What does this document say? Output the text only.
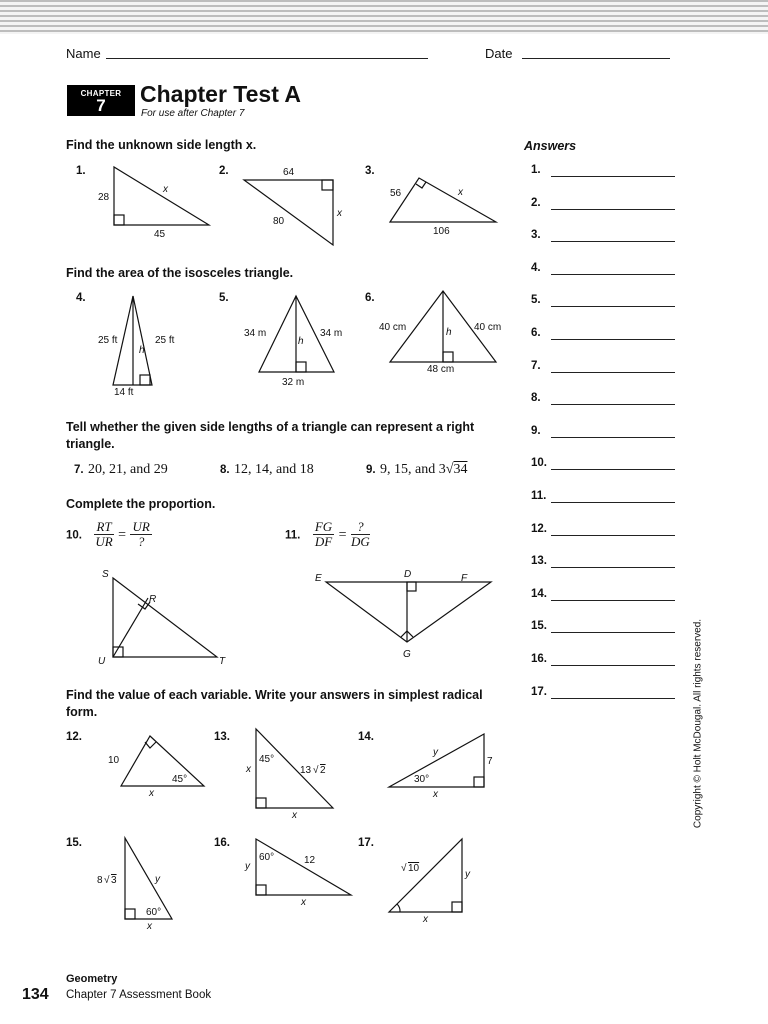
Name	Date
CHAPTER
7	Chapter Test A
For use after Chapter 7
Find the unknown side length x.
Find the area of the isosceles triangle.
Tell whether the given side lengths of a triangle can represent a right triangle.
Complete the proportion.
Find the value of each variable. Write your answers in simplest radical form.
1.	2.	3.
4.	5.	6.
7. 20, 21, and 29	8. 12, 14, and 18	9. 9, 15, and 3√34
10. $\frac{RT}{UR} = \frac{UR}{?}$	11. $\frac{FG}{DF} = \frac{?}{DG}$
12.	13.	14.
15.	16.	17.
28
45
x
64
80
x
56
106
x
25 ft	25 ft
h
14 ft
34 m	34 m
h
32 m
40 cm	40 cm
h
48 cm
S
R
U	T
E	D	F
G
10
45°
x
x
45°
13 √ 2
x
y
7
30°
x
8 √ 3	y
60°
x
y
60°	12
x
√ 10
y
x
Answers
1.
2.
3.
4.
5.
6.
7.
8.
9.
10.
11.
12.
13.
14.
15.
16.
17.	Copyright © Holt McDougal. All rights reserved.
134
Geometry
Chapter 7 Assessment Book
